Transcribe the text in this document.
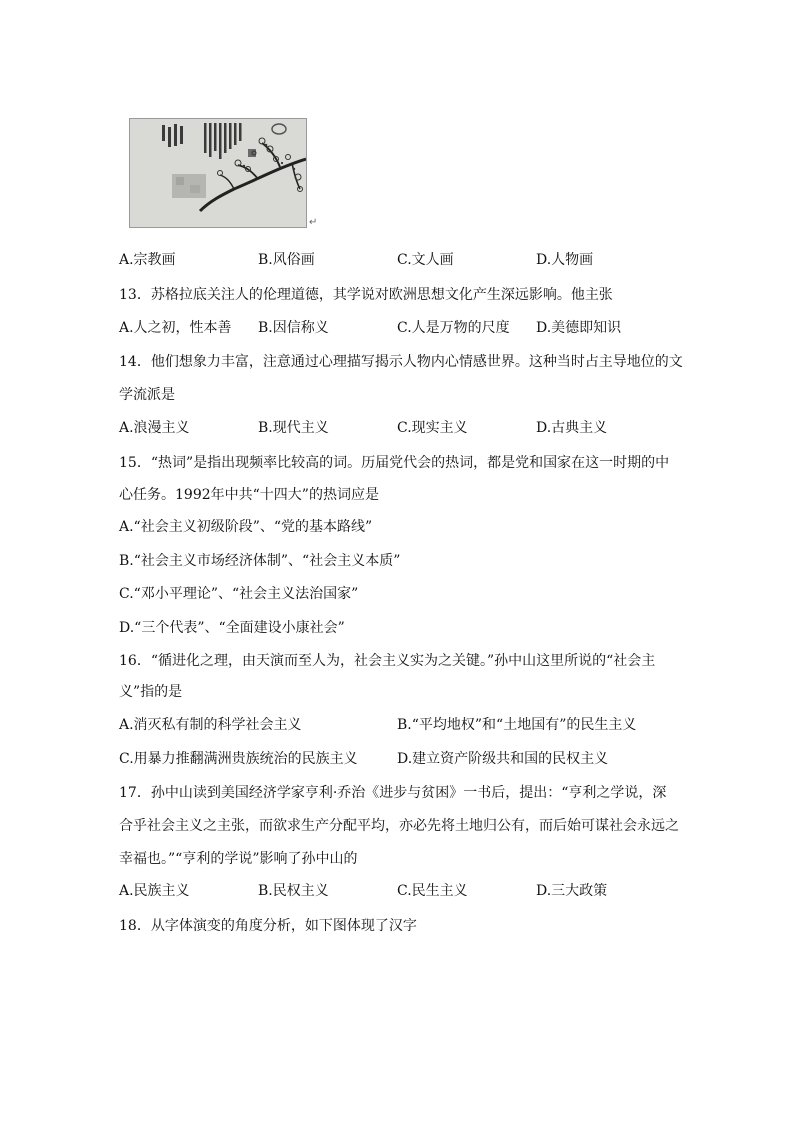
↵
A.宗教画	B.风俗画	C.文人画	D.人物画
13．苏格拉底关注人的伦理道德，其学说对欧洲思想文化产生深远影响。他主张
A.人之初，性本善 B.因信称义	C.人是万物的尺度 D.美德即知识
14．他们想象力丰富，注意通过心理描写揭示人物内心情感世界。这种当时占主导地位的文
学流派是
A.浪漫主义	B.现代主义	C.现实主义	D.古典主义
15．“热词”是指出现频率比较高的词。历届党代会的热词，都是党和国家在这一时期的中
心任务。1992年中共“十四大”的热词应是
A.“社会主义初级阶段”、“党的基本路线”
B.“社会主义市场经济体制”、“社会主义本质”
C.“邓小平理论”、“社会主义法治国家”
D.“三个代表”、“全面建设小康社会”
16．“循进化之理，由天演而至人为，社会主义实为之关键。”孙中山这里所说的“社会主
义”指的是
A.消灭私有制的科学社会主义	B.“平均地权”和“土地国有”的民生主义
C.用暴力推翻满洲贵族统治的民族主义	D.建立资产阶级共和国的民权主义
17．孙中山读到美国经济学家亨利·乔治《进步与贫困》一书后，提出：“亨利之学说，深
合乎社会主义之主张，而欲求生产分配平均，亦必先将土地归公有，而后始可谋社会永远之
幸福也。”“亨利的学说”影响了孙中山的
A.民族主义	B.民权主义	C.民生主义	D.三大政策
18．从字体演变的角度分析，如下图体现了汉字
